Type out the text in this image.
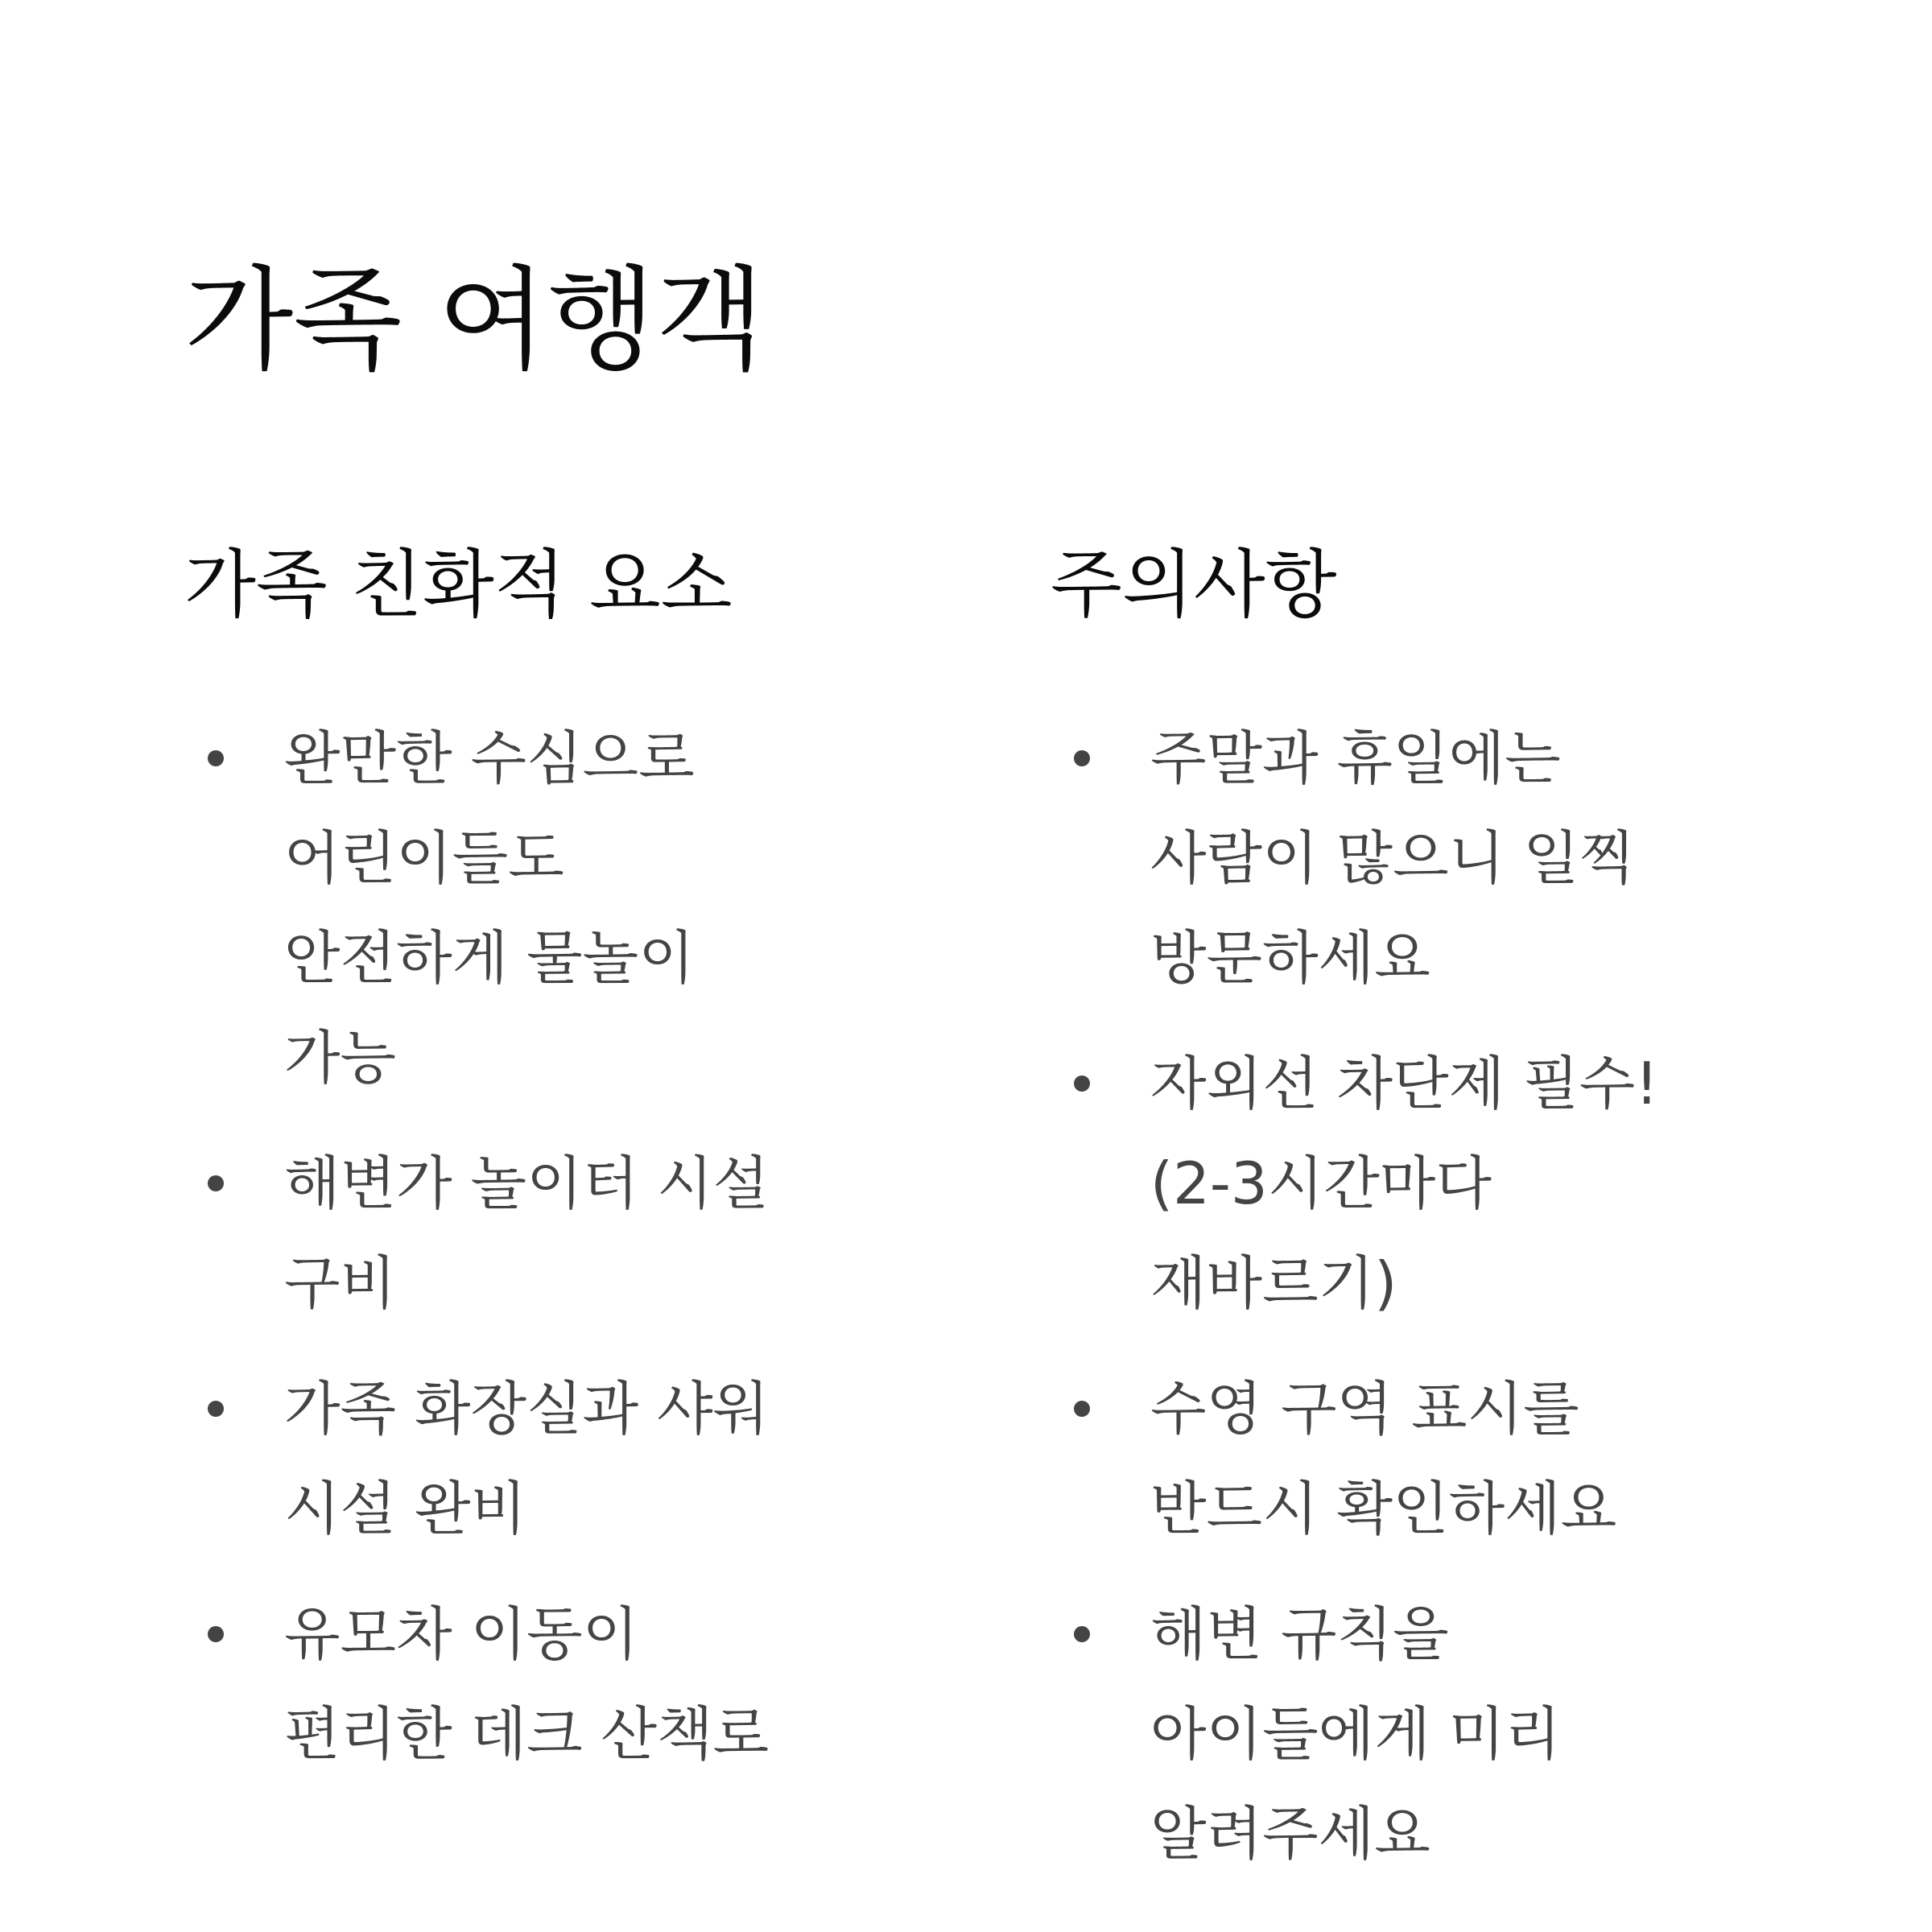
가족 여행객
가족 친화적 요소
완만한 수심으로 어린이들도 안전하게 물놀이 가능
해변가 놀이터 시설 구비
가족 화장실과 샤워 시설 완비
유모차 이동이 편리한 데크 산책로
주의사항
주말과 휴일에는 사람이 많으니 일찍 방문하세요
자외선 차단제 필수! (2-3시간마다 재바르기)
수영 구역 표시를 반드시 확인하세요
해변 규칙을 아이들에게 미리 알려주세요
